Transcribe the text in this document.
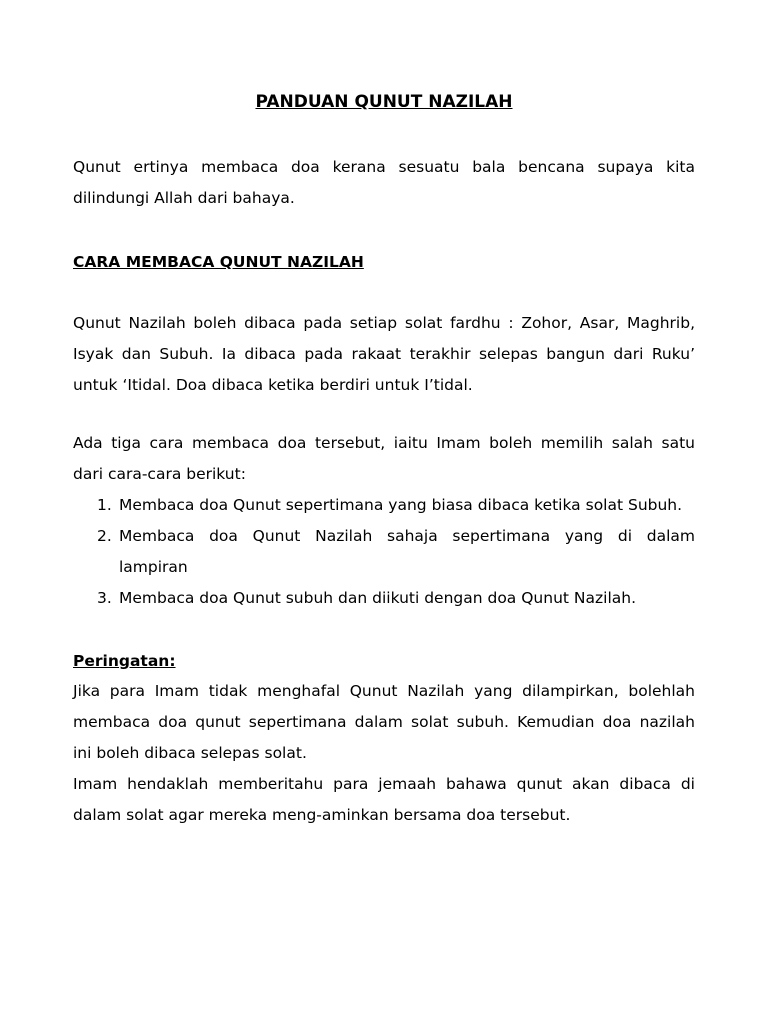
PANDUAN QUNUT NAZILAH
Qunut ertinya membaca doa kerana sesuatu bala bencana supaya kita
dilindungi Allah dari bahaya.
CARA MEMBACA QUNUT NAZILAH
Qunut Nazilah boleh dibaca pada setiap solat fardhu : Zohor, Asar, Maghrib,
Isyak dan Subuh. Ia dibaca pada rakaat terakhir selepas bangun dari Ruku’
untuk ‘Itidal. Doa dibaca ketika berdiri untuk I’tidal.
Ada tiga cara membaca doa tersebut, iaitu Imam boleh memilih salah satu
dari cara-cara berikut:
1. Membaca doa Qunut sepertimana yang biasa dibaca ketika solat Subuh.
2. Membaca doa Qunut Nazilah sahaja sepertimana yang di dalam
lampiran
3. Membaca doa Qunut subuh dan diikuti dengan doa Qunut Nazilah.
Peringatan:
Jika para Imam tidak menghafal Qunut Nazilah yang dilampirkan, bolehlah
membaca doa qunut sepertimana dalam solat subuh. Kemudian doa nazilah
ini boleh dibaca selepas solat.
Imam hendaklah memberitahu para jemaah bahawa qunut akan dibaca di
dalam solat agar mereka meng-aminkan bersama doa tersebut.
